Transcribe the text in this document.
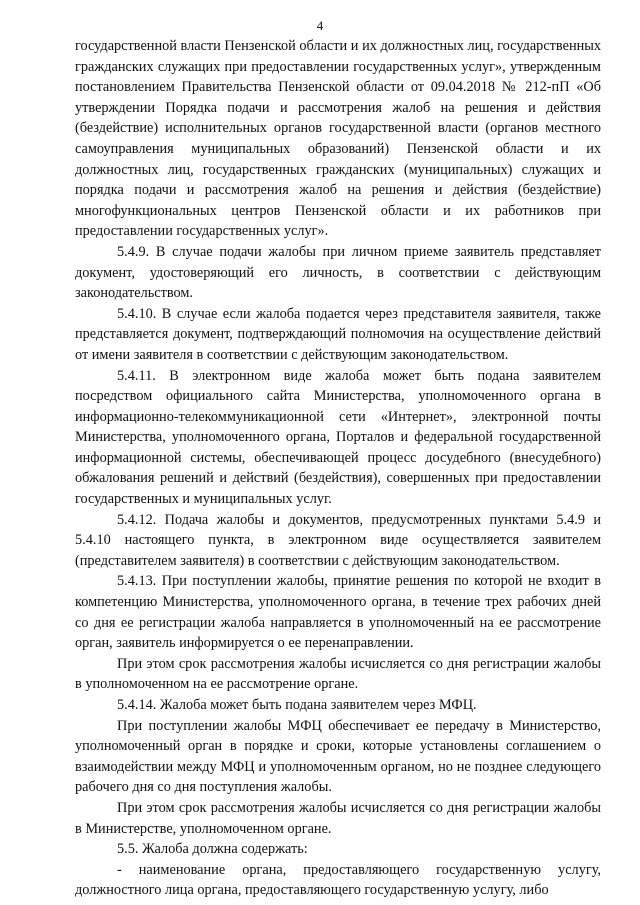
4

государственной власти Пензенской области и их должностных лиц, государственных гражданских служащих при предоставлении государственных услуг», утвержденным постановлением Правительства Пензенской области от 09.04.2018 № 212-пП «Об утверждении Порядка подачи и рассмотрения жалоб на решения и действия (бездействие) исполнительных органов государственной власти (органов местного самоуправления муниципальных образований) Пензенской области и их должностных лиц, государственных гражданских (муниципальных) служащих и порядка подачи и рассмотрения жалоб на решения и действия (бездействие) многофункциональных центров Пензенской области и их работников при предоставлении государственных услуг».

5.4.9. В случае подачи жалобы при личном приеме заявитель представляет документ, удостоверяющий его личность, в соответствии с действующим законодательством.

5.4.10. В случае если жалоба подается через представителя заявителя, также представляется документ, подтверждающий полномочия на осуществление действий от имени заявителя в соответствии с действующим законодательством.

5.4.11. В электронном виде жалоба может быть подана заявителем посредством официального сайта Министерства, уполномоченного органа в информационно-телекоммуникационной сети «Интернет», электронной почты Министерства, уполномоченного органа, Порталов и федеральной государственной информационной системы, обеспечивающей процесс досудебного (внесудебного) обжалования решений и действий (бездействия), совершенных при предоставлении государственных и муниципальных услуг.

5.4.12. Подача жалобы и документов, предусмотренных пунктами 5.4.9 и 5.4.10 настоящего пункта, в электронном виде осуществляется заявителем (представителем заявителя) в соответствии с действующим законодательством.

5.4.13. При поступлении жалобы, принятие решения по которой не входит в компетенцию Министерства, уполномоченного органа, в течение трех рабочих дней со дня ее регистрации жалоба направляется в уполномоченный на ее рассмотрение орган, заявитель информируется о ее перенаправлении.

При этом срок рассмотрения жалобы исчисляется со дня регистрации жалобы в уполномоченном на ее рассмотрение органе.

5.4.14. Жалоба может быть подана заявителем через МФЦ.

При поступлении жалобы МФЦ обеспечивает ее передачу в Министерство, уполномоченный орган в порядке и сроки, которые установлены соглашением о взаимодействии между МФЦ и уполномоченным органом, но не позднее следующего рабочего дня со дня поступления жалобы.

При этом срок рассмотрения жалобы исчисляется со дня регистрации жалобы в Министерстве, уполномоченном органе.

5.5. Жалоба должна содержать:

- наименование органа, предоставляющего государственную услугу, должностного лица органа, предоставляющего государственную услугу, либо
